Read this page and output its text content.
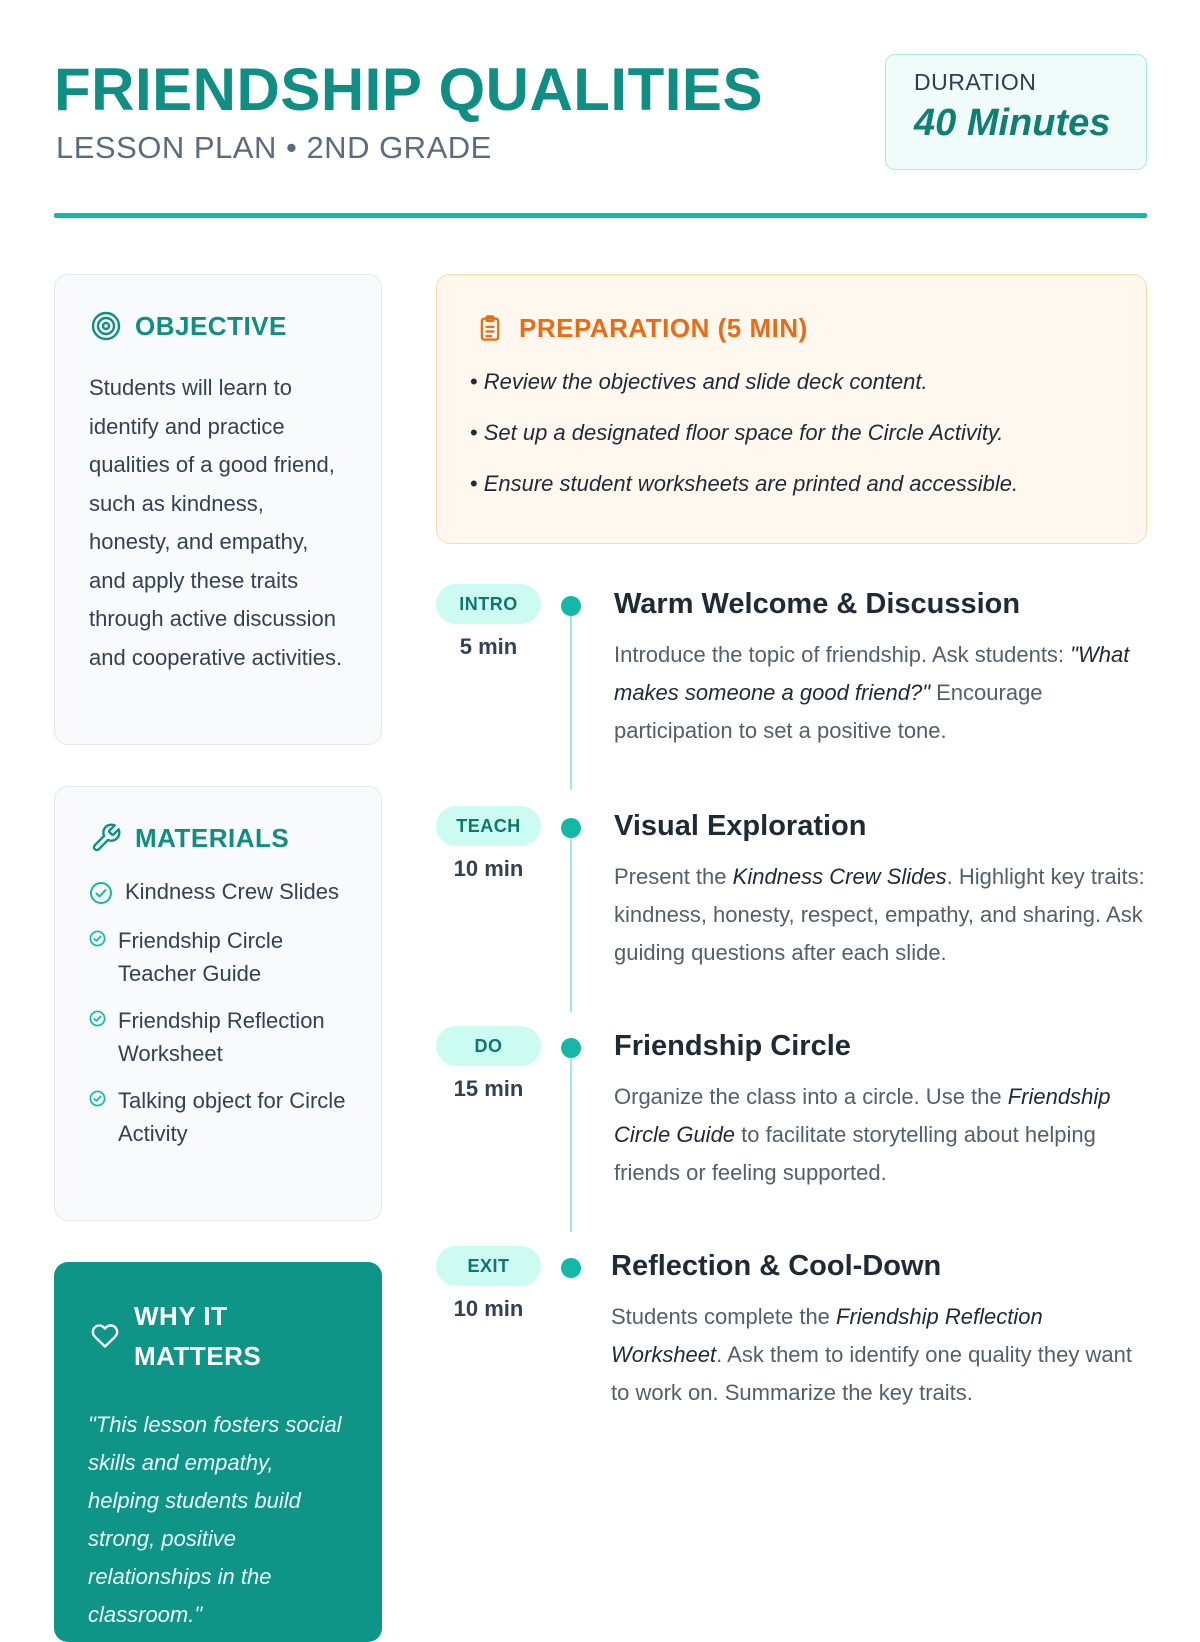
FRIENDSHIP QUALITIES
LESSON PLAN • 2ND GRADE
DURATION
40 Minutes
OBJECTIVE
Students will learn to identify and practice qualities of a good friend, such as kindness, honesty, and empathy, and apply these traits through active discussion and cooperative activities.
MATERIALS
Kindness Crew Slides
Friendship Circle Teacher Guide
Friendship Reflection Worksheet
Talking object for Circle Activity
WHY IT MATTERS
"This lesson fosters social skills and empathy, helping students build strong, positive relationships in the classroom."
PREPARATION (5 MIN)
• Review the objectives and slide deck content.
• Set up a designated floor space for the Circle Activity.
• Ensure student worksheets are printed and accessible.
INTRO
5 min
Warm Welcome & Discussion
Introduce the topic of friendship. Ask students: "What makes someone a good friend?" Encourage participation to set a positive tone.
TEACH
10 min
Visual Exploration
Present the Kindness Crew Slides. Highlight key traits: kindness, honesty, respect, empathy, and sharing. Ask guiding questions after each slide.
DO
15 min
Friendship Circle
Organize the class into a circle. Use the Friendship Circle Guide to facilitate storytelling about helping friends or feeling supported.
EXIT
10 min
Reflection & Cool-Down
Students complete the Friendship Reflection Worksheet. Ask them to identify one quality they want to work on. Summarize the key traits.
